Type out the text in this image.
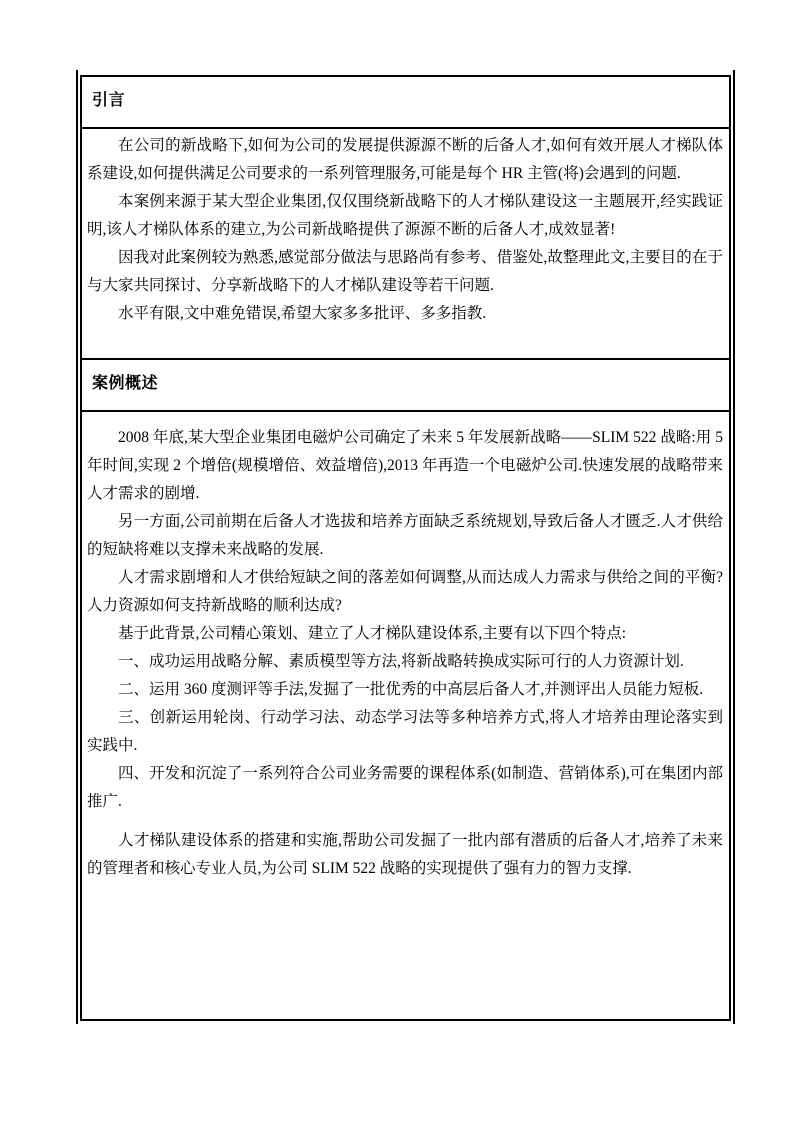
引言

在公司的新战略下,如何为公司的发展提供源源不断的后备人才,如何有效开展人才梯队体系建设,如何提供满足公司要求的一系列管理服务,可能是每个 HR 主管(将)会遇到的问题.

本案例来源于某大型企业集团,仅仅围绕新战略下的人才梯队建设这一主题展开,经实践证明,该人才梯队体系的建立,为公司新战略提供了源源不断的后备人才,成效显著!

因我对此案例较为熟悉,感觉部分做法与思路尚有参考、借鉴处,故整理此文,主要目的在于与大家共同探讨、分享新战略下的人才梯队建设等若干问题.

水平有限,文中难免错误,希望大家多多批评、多多指教.

案例概述

2008 年底,某大型企业集团电磁炉公司确定了未来 5 年发展新战略——SLIM 522 战略:用 5 年时间,实现 2 个增倍(规模增倍、效益增倍),2013 年再造一个电磁炉公司.快速发展的战略带来人才需求的剧增.

另一方面,公司前期在后备人才选拔和培养方面缺乏系统规划,导致后备人才匮乏.人才供给的短缺将难以支撑未来战略的发展.

人才需求剧增和人才供给短缺之间的落差如何调整,从而达成人力需求与供给之间的平衡? 人力资源如何支持新战略的顺利达成?

基于此背景,公司精心策划、建立了人才梯队建设体系,主要有以下四个特点:

一、成功运用战略分解、素质模型等方法,将新战略转换成实际可行的人力资源计划.

二、运用 360 度测评等手法,发掘了一批优秀的中高层后备人才,并测评出人员能力短板.

三、创新运用轮岗、行动学习法、动态学习法等多种培养方式,将人才培养由理论落实到实践中.

四、开发和沉淀了一系列符合公司业务需要的课程体系(如制造、营销体系),可在集团内部推广.

人才梯队建设体系的搭建和实施,帮助公司发掘了一批内部有潜质的后备人才,培养了未来的管理者和核心专业人员,为公司 SLIM 522 战略的实现提供了强有力的智力支撑.
